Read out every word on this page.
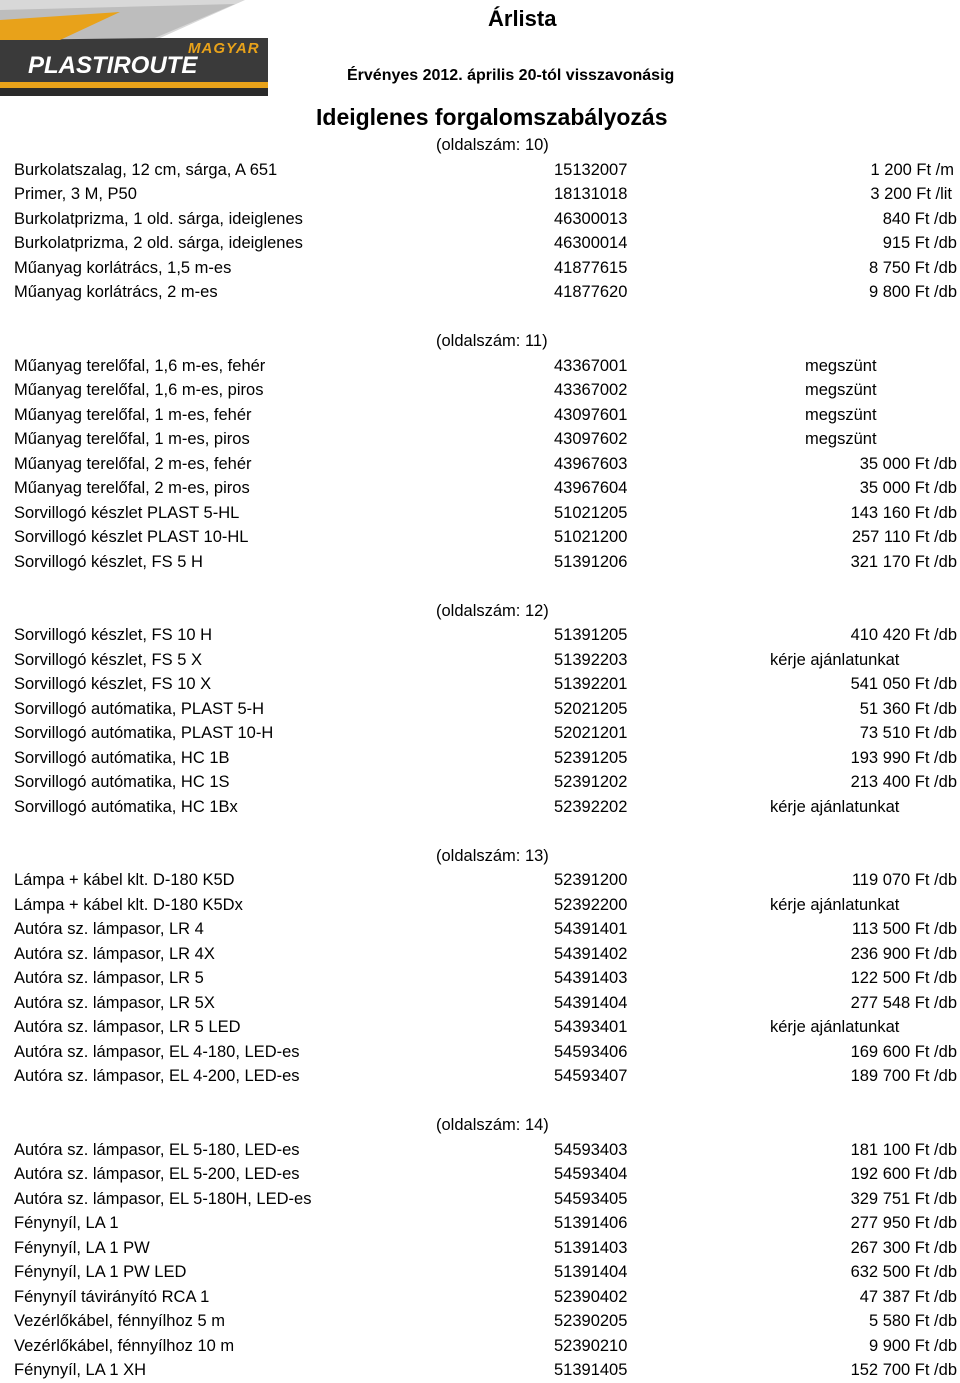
MAGYAR
PLASTIROUTE
Árlista
Érvényes 2012. április 20-tól visszavonásig
Ideiglenes forgalomszabályozás
(oldalszám: 10)
Burkolatszalag, 12 cm, sárga, A 651	15132007	1 200 Ft /m
Primer, 3 M, P50	18131018	3 200 Ft /lit
Burkolatprizma, 1 old. sárga, ideiglenes	46300013	840 Ft /db
Burkolatprizma, 2 old. sárga, ideiglenes	46300014	915 Ft /db
Műanyag korlátrács, 1,5 m-es	41877615	8 750 Ft /db
Műanyag korlátrács, 2 m-es	41877620	9 800 Ft /db
(oldalszám: 11)
Műanyag terelőfal, 1,6 m-es, fehér	43367001	megszünt
Műanyag terelőfal, 1,6 m-es, piros	43367002	megszünt
Műanyag terelőfal, 1 m-es, fehér	43097601	megszünt
Műanyag terelőfal, 1 m-es, piros	43097602	megszünt
Műanyag terelőfal, 2 m-es, fehér	43967603	35 000 Ft /db
Műanyag terelőfal, 2 m-es, piros	43967604	35 000 Ft /db
Sorvillogó készlet PLAST 5-HL	51021205	143 160 Ft /db
Sorvillogó készlet PLAST 10-HL	51021200	257 110 Ft /db
Sorvillogó készlet, FS 5 H	51391206	321 170 Ft /db
(oldalszám: 12)
Sorvillogó készlet, FS 10 H	51391205	410 420 Ft /db
Sorvillogó készlet, FS 5 X	51392203	kérje ajánlatunkat
Sorvillogó készlet, FS 10 X	51392201	541 050 Ft /db
Sorvillogó autómatika, PLAST 5-H	52021205	51 360 Ft /db
Sorvillogó autómatika, PLAST 10-H	52021201	73 510 Ft /db
Sorvillogó autómatika, HC 1B	52391205	193 990 Ft /db
Sorvillogó autómatika, HC 1S	52391202	213 400 Ft /db
Sorvillogó autómatika, HC 1Bx	52392202	kérje ajánlatunkat
(oldalszám: 13)
Lámpa + kábel klt. D-180 K5D	52391200	119 070 Ft /db
Lámpa + kábel klt. D-180 K5Dx	52392200	kérje ajánlatunkat
Autóra sz. lámpasor, LR 4	54391401	113 500 Ft /db
Autóra sz. lámpasor, LR 4X	54391402	236 900 Ft /db
Autóra sz. lámpasor, LR 5	54391403	122 500 Ft /db
Autóra sz. lámpasor, LR 5X	54391404	277 548 Ft /db
Autóra sz. lámpasor, LR 5 LED	54393401	kérje ajánlatunkat
Autóra sz. lámpasor, EL 4-180, LED-es	54593406	169 600 Ft /db
Autóra sz. lámpasor, EL 4-200, LED-es	54593407	189 700 Ft /db
(oldalszám: 14)
Autóra sz. lámpasor, EL 5-180, LED-es	54593403	181 100 Ft /db
Autóra sz. lámpasor, EL 5-200, LED-es	54593404	192 600 Ft /db
Autóra sz. lámpasor, EL 5-180H, LED-es	54593405	329 751 Ft /db
Fénynyíl, LA 1	51391406	277 950 Ft /db
Fénynyíl, LA 1 PW	51391403	267 300 Ft /db
Fénynyíl, LA 1 PW LED	51391404	632 500 Ft /db
Fénynyíl távirányító RCA 1	52390402	47 387 Ft /db
Vezérlőkábel, fénnyílhoz 5 m	52390205	5 580 Ft /db
Vezérlőkábel, fénnyílhoz 10 m	52390210	9 900 Ft /db
Fénynyíl, LA 1 XH	51391405	152 700 Ft /db
